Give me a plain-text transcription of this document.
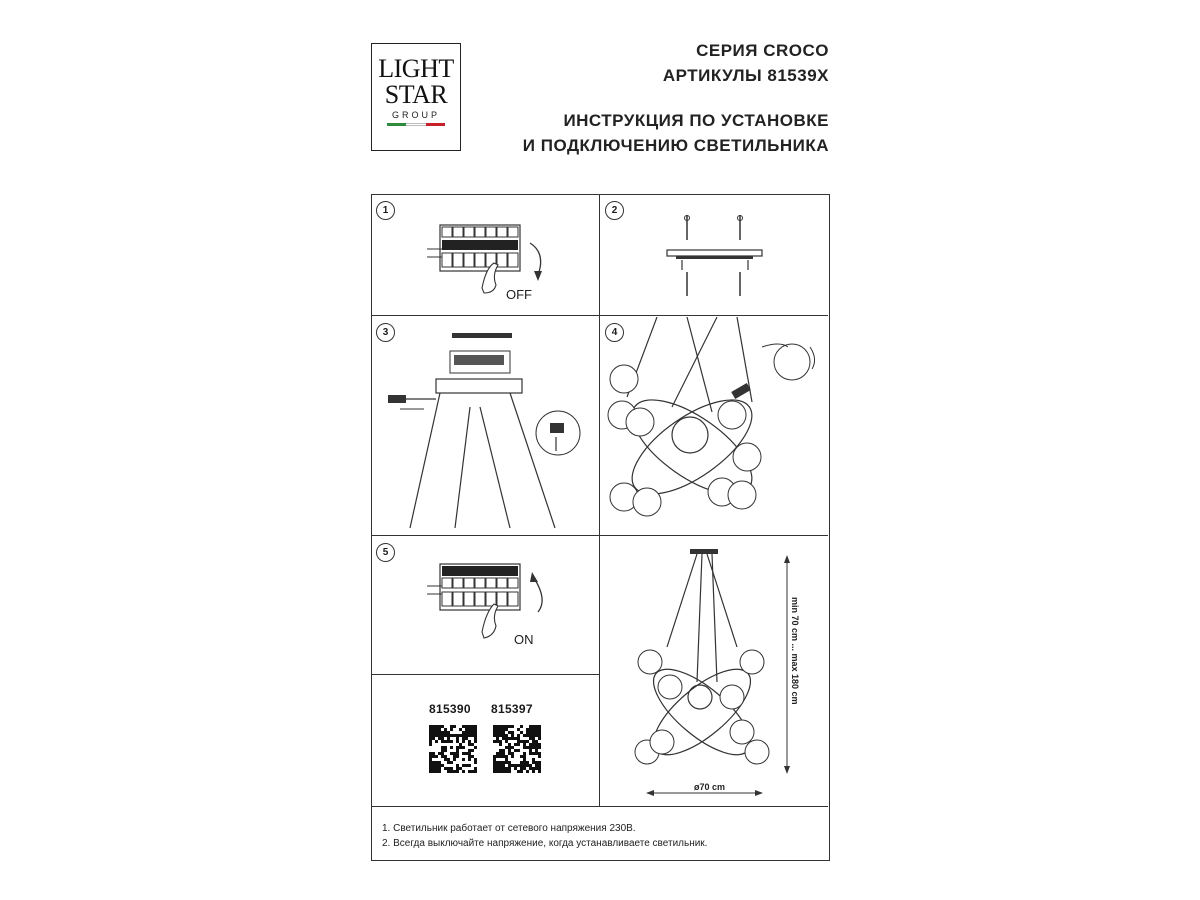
LIGHT
STAR
GROUP
СЕРИЯ CROCO
АРТИКУЛЫ 81539X
ИНСТРУКЦИЯ ПО УСТАНОВКЕ
И ПОДКЛЮЧЕНИЮ СВЕТИЛЬНИКА
1	2
3	4
5
OFF
ON	min 70 cm ... max 180 cm
ø70 cm
815390 815397
1. Светильник работает от сетевого напряжения 230В.
2. Всегда выключайте напряжение, когда устанавливаете светильник.
